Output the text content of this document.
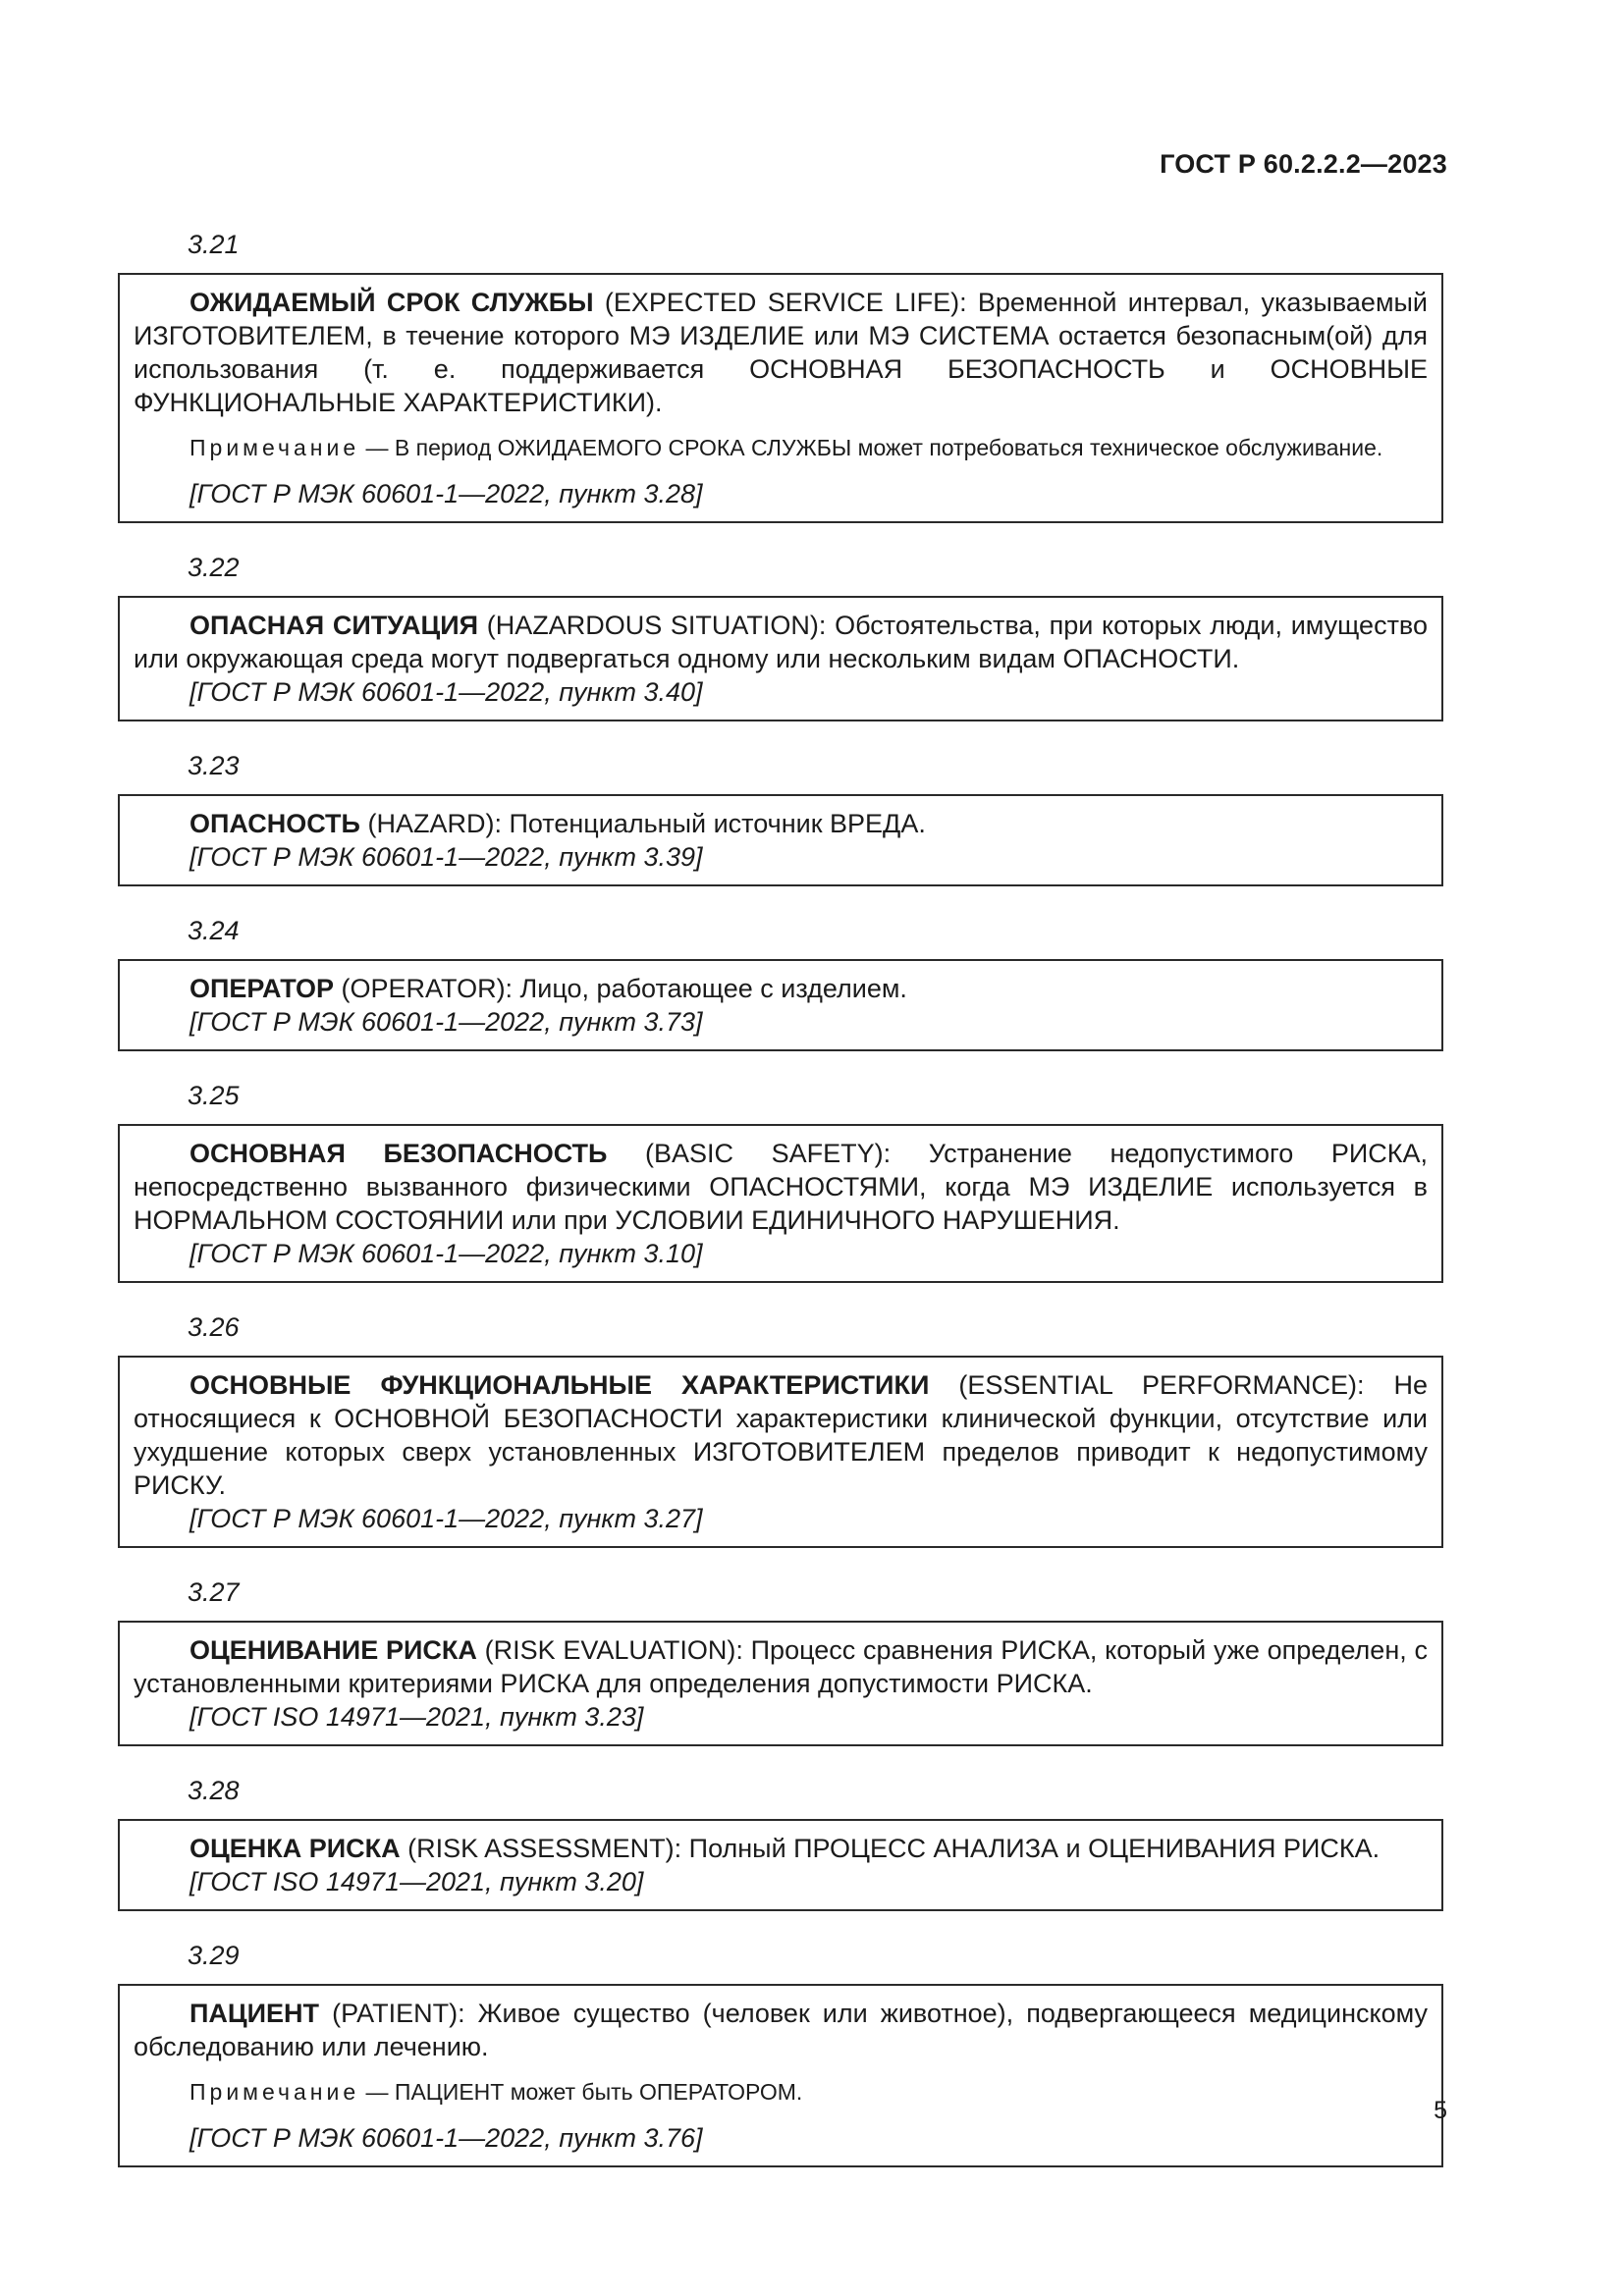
ГОСТ Р 60.2.2.2—2023

3.21

ОЖИДАЕМЫЙ СРОК СЛУЖБЫ (EXPECTED SERVICE LIFE): Временной интервал, указываемый ИЗГОТОВИТЕЛЕМ, в течение которого МЭ ИЗДЕЛИЕ или МЭ СИСТЕМА остается безопасным(ой) для использования (т. е. поддерживается ОСНОВНАЯ БЕЗОПАСНОСТЬ и ОСНОВНЫЕ ФУНКЦИОНАЛЬНЫЕ ХАРАКТЕРИСТИКИ).

Примечание — В период ОЖИДАЕМОГО СРОКА СЛУЖБЫ может потребоваться техническое обслуживание.

[ГОСТ Р МЭК 60601-1—2022, пункт 3.28]

3.22

ОПАСНАЯ СИТУАЦИЯ (HAZARDOUS SITUATION): Обстоятельства, при которых люди, имущество или окружающая среда могут подвергаться одному или нескольким видам ОПАСНОСТИ.

[ГОСТ Р МЭК 60601-1—2022, пункт 3.40]

3.23

ОПАСНОСТЬ (HAZARD): Потенциальный источник ВРЕДА.

[ГОСТ Р МЭК 60601-1—2022, пункт 3.39]

3.24

ОПЕРАТОР (OPERATOR): Лицо, работающее с изделием.

[ГОСТ Р МЭК 60601-1—2022, пункт 3.73]

3.25

ОСНОВНАЯ БЕЗОПАСНОСТЬ (BASIC SAFETY): Устранение недопустимого РИСКА, непосредственно вызванного физическими ОПАСНОСТЯМИ, когда МЭ ИЗДЕЛИЕ используется в НОРМАЛЬНОМ СОСТОЯНИИ или при УСЛОВИИ ЕДИНИЧНОГО НАРУШЕНИЯ.

[ГОСТ Р МЭК 60601-1—2022, пункт 3.10]

3.26

ОСНОВНЫЕ ФУНКЦИОНАЛЬНЫЕ ХАРАКТЕРИСТИКИ (ESSENTIAL PERFORMANCE): Не относящиеся к ОСНОВНОЙ БЕЗОПАСНОСТИ характеристики клинической функции, отсутствие или ухудшение которых сверх установленных ИЗГОТОВИТЕЛЕМ пределов приводит к недопустимому РИСКУ.

[ГОСТ Р МЭК 60601-1—2022, пункт 3.27]

3.27

ОЦЕНИВАНИЕ РИСКА (RISK EVALUATION): Процесс сравнения РИСКА, который уже определен, с установленными критериями РИСКА для определения допустимости РИСКА.

[ГОСТ ISO 14971—2021, пункт 3.23]

3.28

ОЦЕНКА РИСКА (RISK ASSESSMENT): Полный ПРОЦЕСС АНАЛИЗА и ОЦЕНИВАНИЯ РИСКА.

[ГОСТ ISO 14971—2021, пункт 3.20]

3.29

ПАЦИЕНТ (PATIENT): Живое существо (человек или животное), подвергающееся медицинскому обследованию или лечению.

Примечание — ПАЦИЕНТ может быть ОПЕРАТОРОМ.

[ГОСТ Р МЭК 60601-1—2022, пункт 3.76]

5
